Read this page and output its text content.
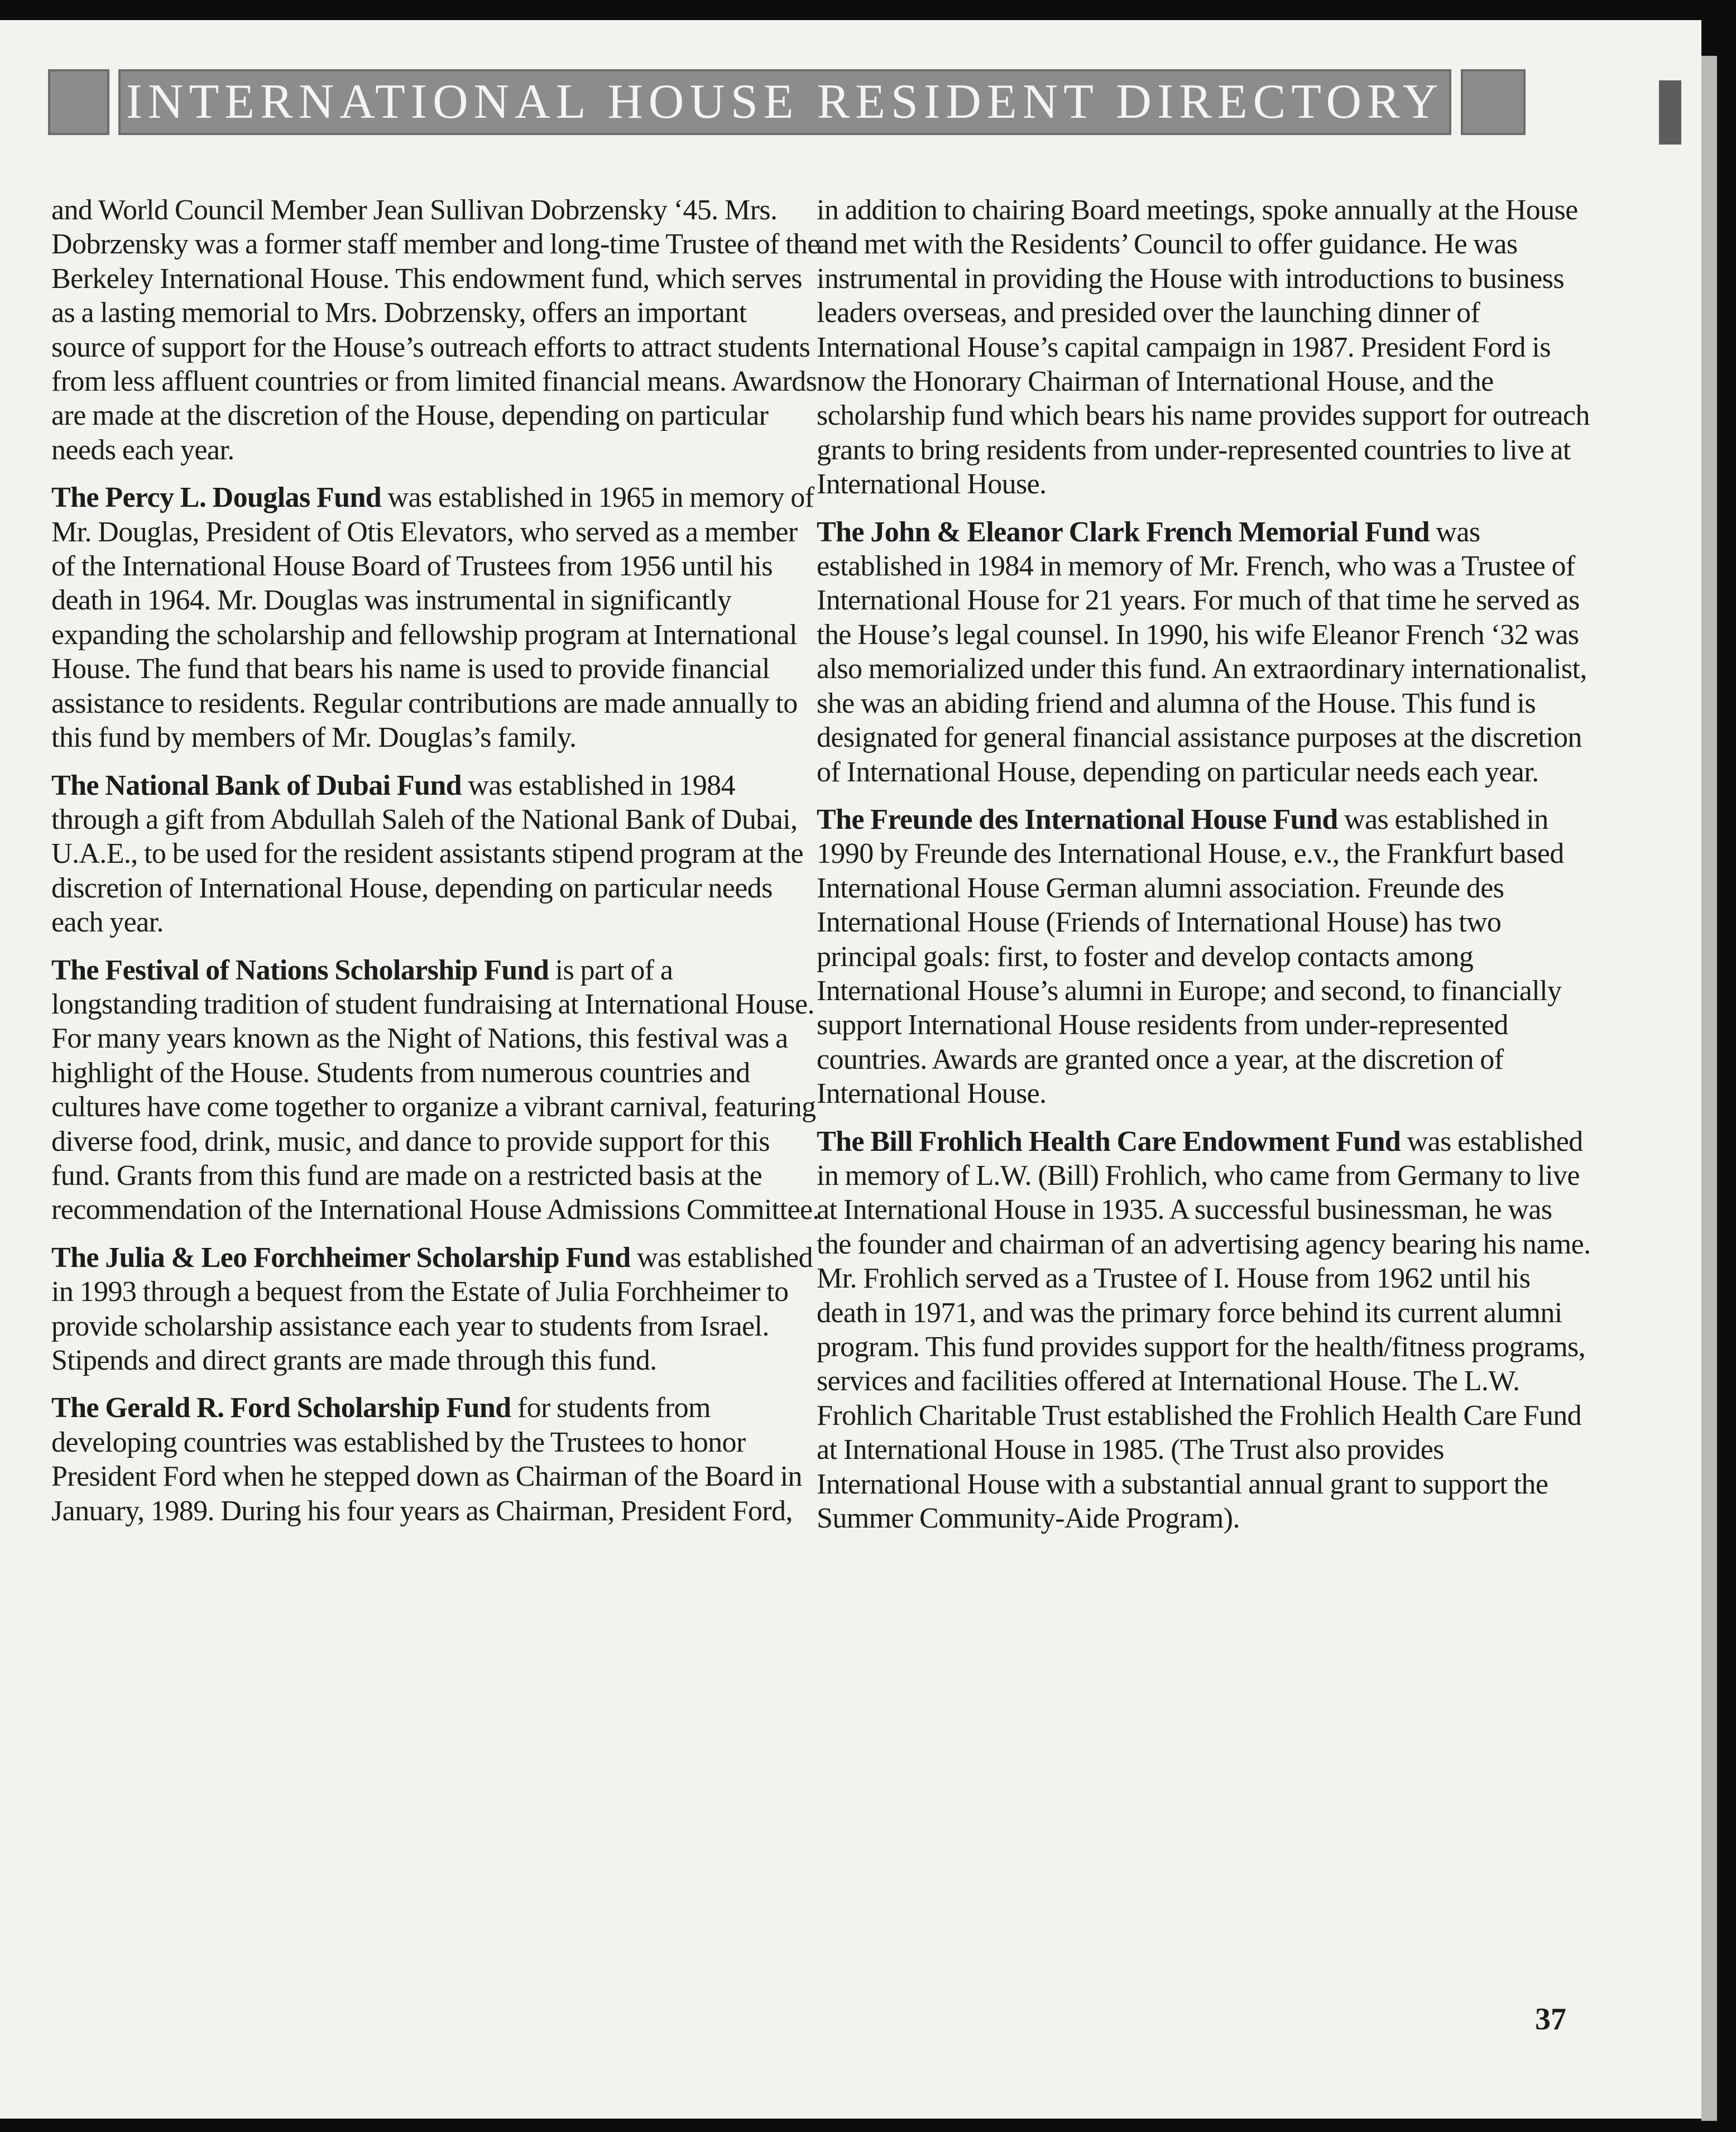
INTERNATIONAL HOUSE RESIDENT DIRECTORY

and World Council Member Jean Sullivan Dobrzensky ‘45. Mrs. Dobrzensky was a former staff member and long-time Trustee of the Berkeley International House. This endowment fund, which serves as a lasting memorial to Mrs. Dobrzensky, offers an important source of support for the House’s outreach efforts to attract students from less affluent countries or from limited financial means. Awards are made at the discretion of the House, depending on particular needs each year.

The Percy L. Douglas Fund was established in 1965 in memory of Mr. Douglas, President of Otis Elevators, who served as a member of the International House Board of Trustees from 1956 until his death in 1964. Mr. Douglas was instrumental in significantly expanding the scholarship and fellowship program at International House. The fund that bears his name is used to provide financial assistance to residents. Regular contributions are made annually to this fund by members of Mr. Douglas’s family.

The National Bank of Dubai Fund was established in 1984 through a gift from Abdullah Saleh of the National Bank of Dubai, U.A.E., to be used for the resident assistants stipend program at the discretion of International House, depending on particular needs each year.

The Festival of Nations Scholarship Fund is part of a longstanding tradition of student fundraising at International House. For many years known as the Night of Nations, this festival was a highlight of the House. Students from numerous countries and cultures have come together to organize a vibrant carnival, featuring diverse food, drink, music, and dance to provide support for this fund. Grants from this fund are made on a restricted basis at the recommendation of the International House Admissions Committee.

The Julia & Leo Forchheimer Scholarship Fund was established in 1993 through a bequest from the Estate of Julia Forchheimer to provide scholarship assistance each year to students from Israel. Stipends and direct grants are made through this fund.

The Gerald R. Ford Scholarship Fund for students from developing countries was established by the Trustees to honor President Ford when he stepped down as Chairman of the Board in January, 1989. During his four years as Chairman, President Ford,

in addition to chairing Board meetings, spoke annually at the House and met with the Residents’ Council to offer guidance. He was instrumental in providing the House with introductions to business leaders overseas, and presided over the launching dinner of International House’s capital campaign in 1987. President Ford is now the Honorary Chairman of International House, and the scholarship fund which bears his name provides support for outreach grants to bring residents from under-represented countries to live at International House.

The John & Eleanor Clark French Memorial Fund was established in 1984 in memory of Mr. French, who was a Trustee of International House for 21 years. For much of that time he served as the House’s legal counsel. In 1990, his wife Eleanor French ‘32 was also memorialized under this fund. An extraordinary internationalist, she was an abiding friend and alumna of the House. This fund is designated for general financial assistance purposes at the discretion of International House, depending on particular needs each year.

The Freunde des International House Fund was established in 1990 by Freunde des International House, e.v., the Frankfurt based International House German alumni association. Freunde des International House (Friends of International House) has two principal goals: first, to foster and develop contacts among International House’s alumni in Europe; and second, to financially support International House residents from under-represented countries. Awards are granted once a year, at the discretion of International House.

The Bill Frohlich Health Care Endowment Fund was established in memory of L.W. (Bill) Frohlich, who came from Germany to live at International House in 1935. A successful businessman, he was the founder and chairman of an advertising agency bearing his name. Mr. Frohlich served as a Trustee of I. House from 1962 until his death in 1971, and was the primary force behind its current alumni program. This fund provides support for the health/fitness programs, services and facilities offered at International House. The L.W. Frohlich Charitable Trust established the Frohlich Health Care Fund at International House in 1985. (The Trust also provides International House with a substantial annual grant to support the Summer Community-Aide Program).

37
